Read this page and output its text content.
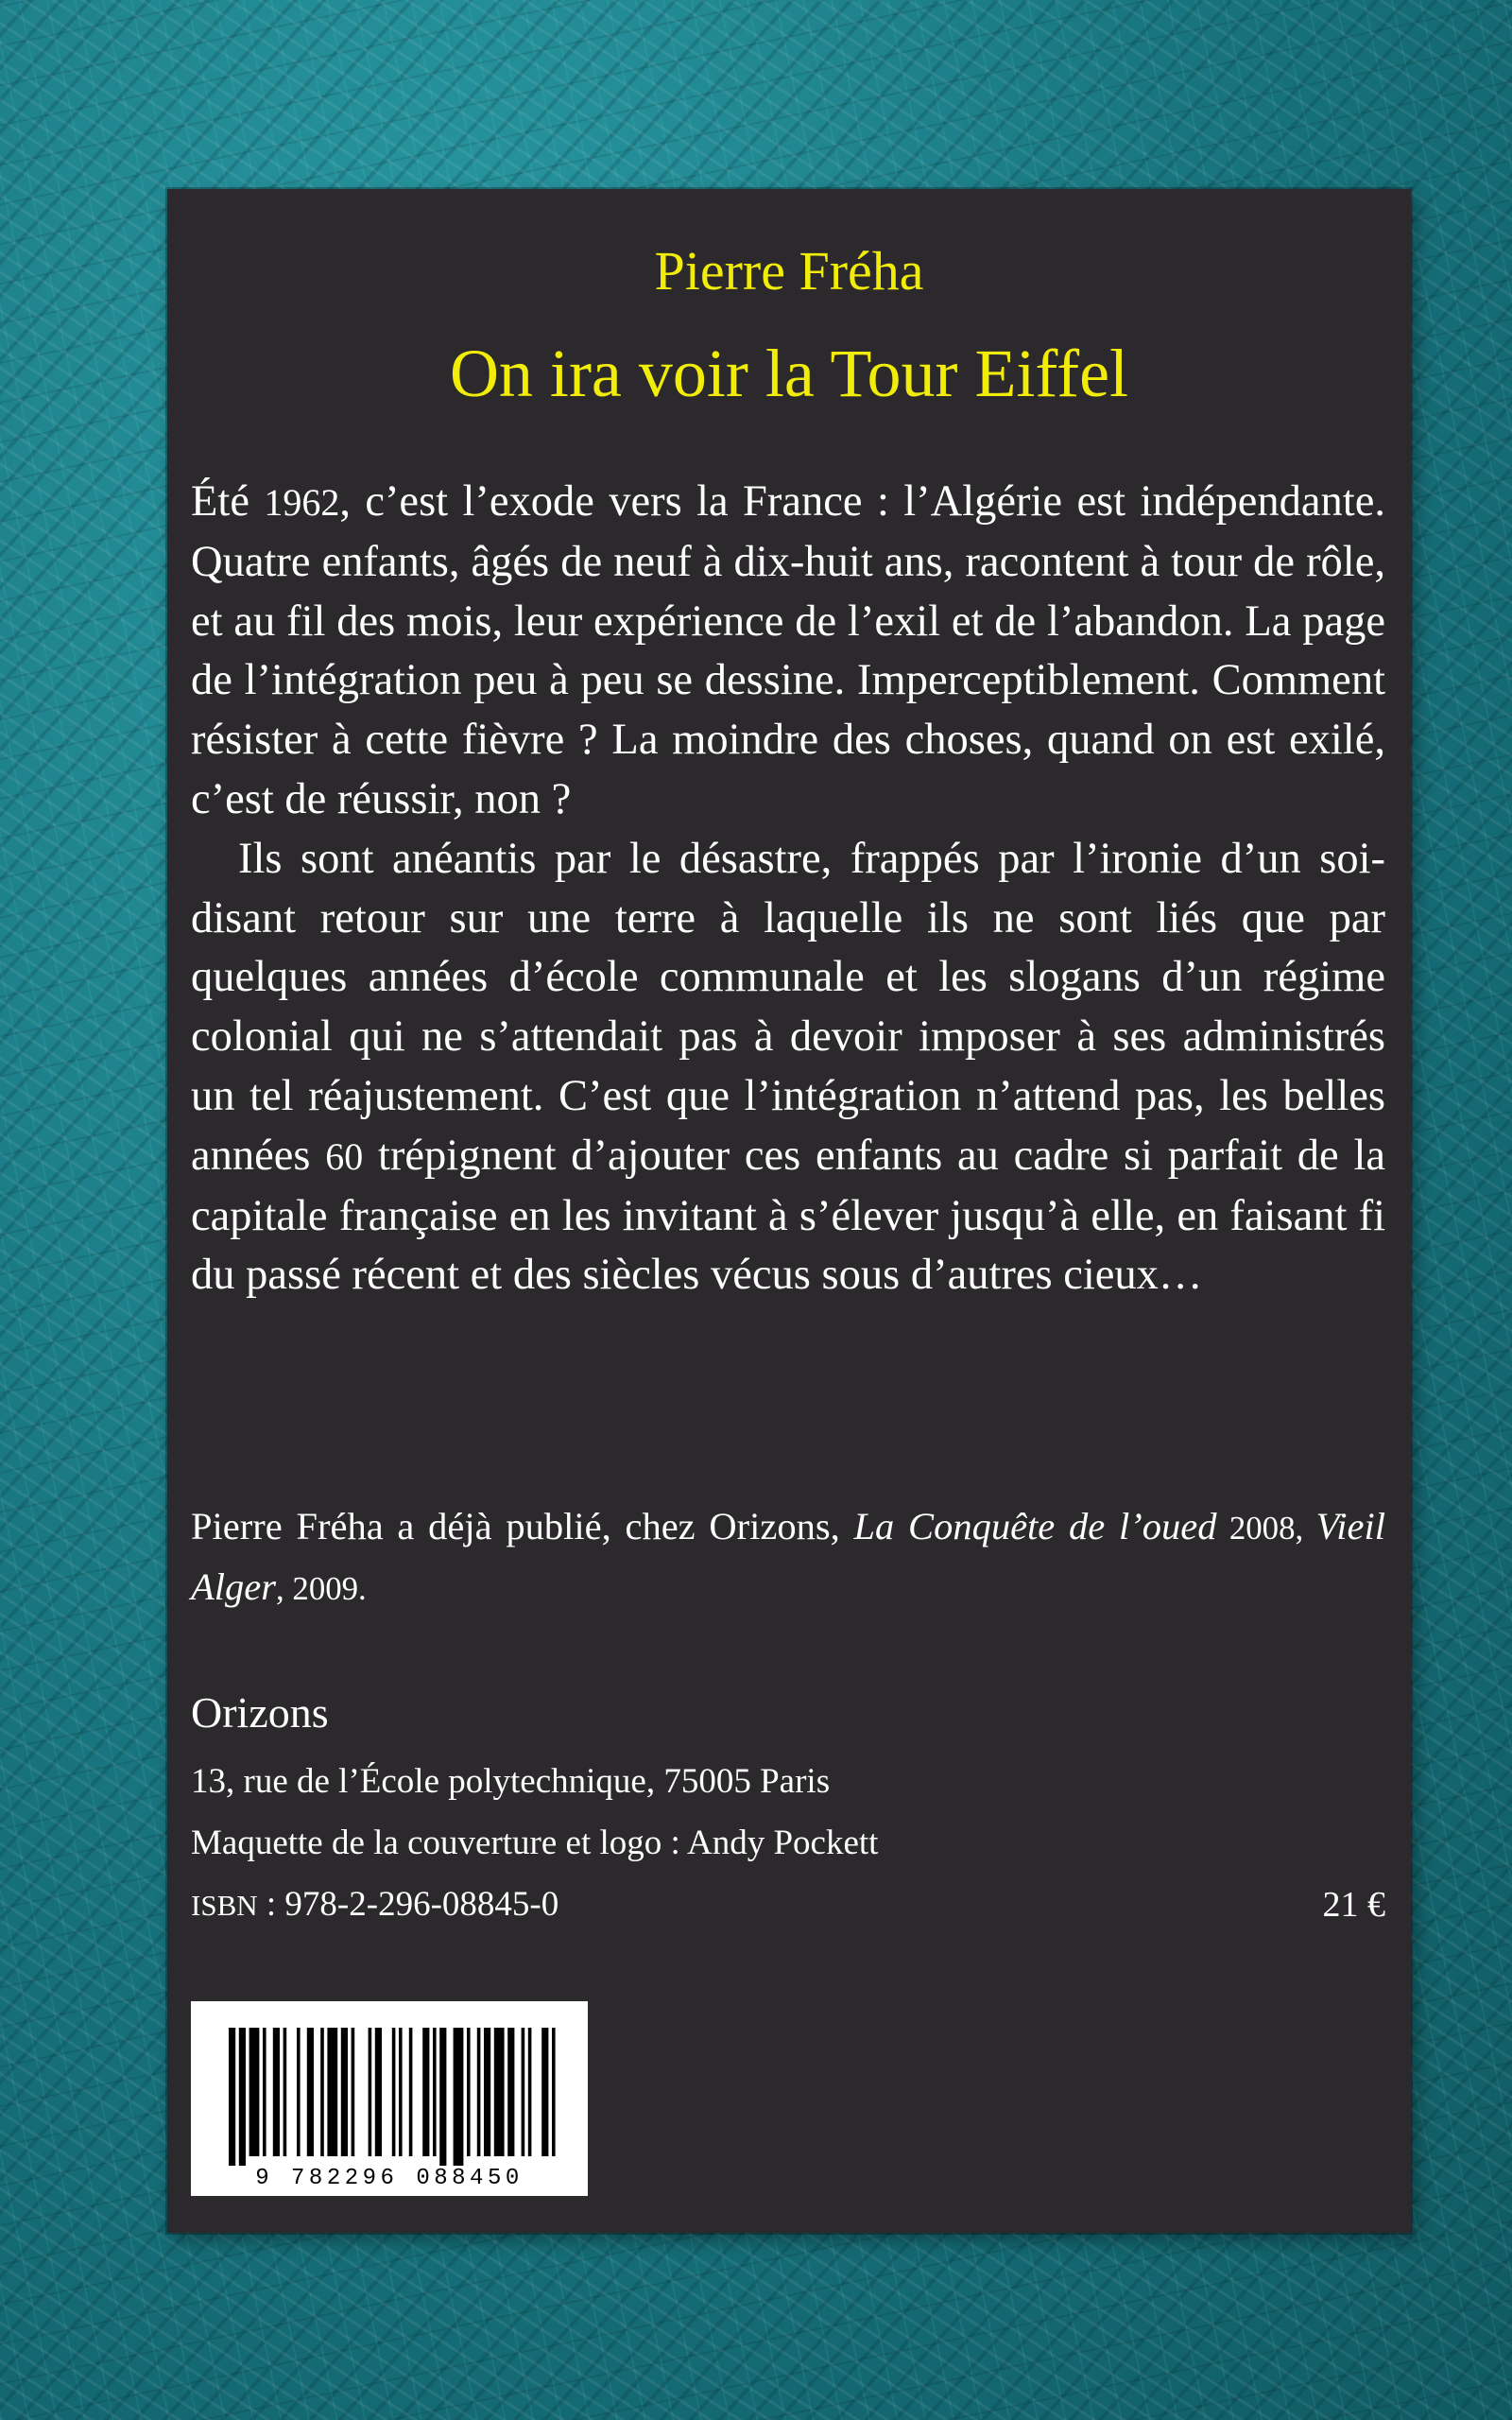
Pierre Fréha
On ira voir la Tour Eiffel

Été 1962, c’est l’exode vers la France : l’Algérie est indépendante. Quatre enfants, âgés de neuf à dix-huit ans, racontent à tour de rôle, et au fil des mois, leur expérience de l’exil et de l’abandon. La page de l’intégration peu à peu se dessine. Imperceptiblement. Comment résister à cette fièvre ? La moindre des choses, quand on est exilé, c’est de réussir, non ?

Ils sont anéantis par le désastre, frappés par l’ironie d’un soi-disant retour sur une terre à laquelle ils ne sont liés que par quelques années d’école communale et les slogans d’un régime colonial qui ne s’attendait pas à devoir imposer à ses administrés un tel réajustement. C’est que l’intégration n’attend pas, les belles années 60 trépignent d’ajouter ces enfants au cadre si parfait de la capitale française en les invitant à s’élever jusqu’à elle, en faisant fi du passé récent et des siècles vécus sous d’autres cieux…

Pierre Fréha a déjà publié, chez Orizons, La Conquête de l’oued 2008, Vieil Alger, 2009.
Orizons
13, rue de l’École polytechnique, 75005 Paris
Maquette de la couverture et logo : Andy Pockett
ISBN : 978-2-296-08845-0	21 €
9 782296 088450
